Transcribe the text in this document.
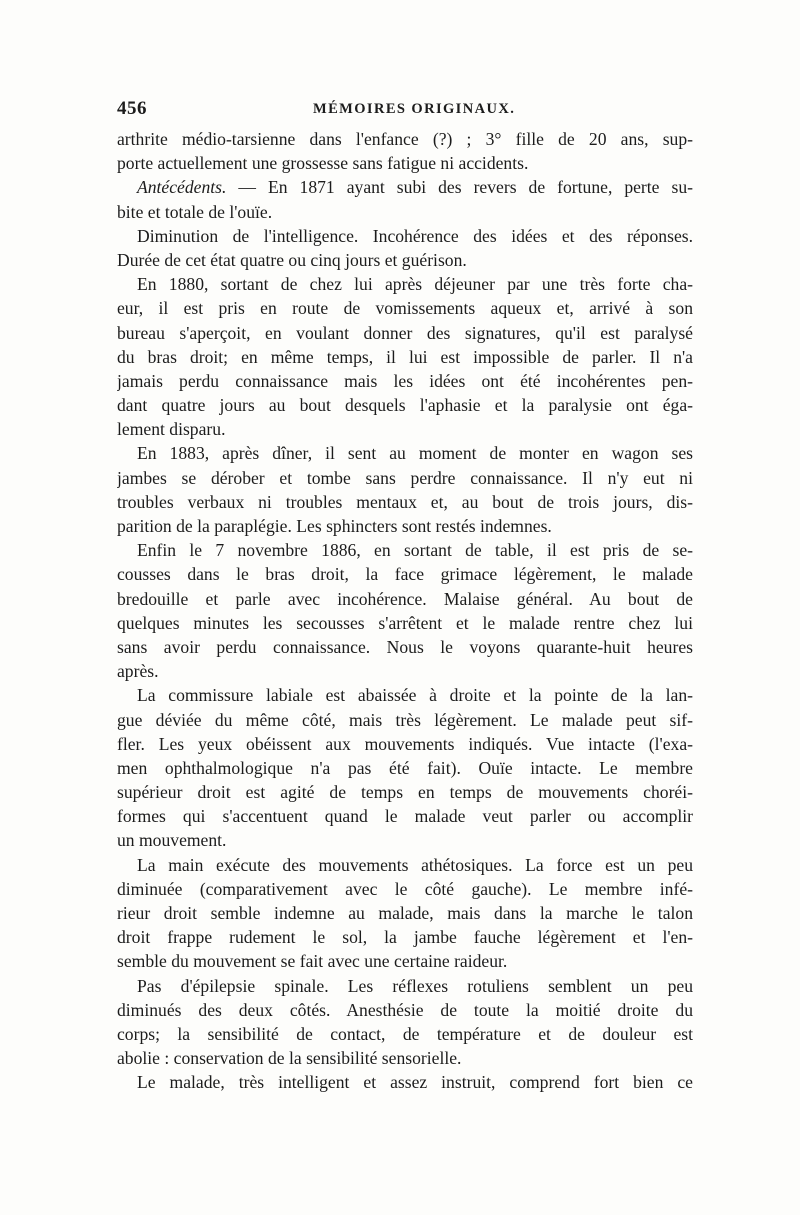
456	MÉMOIRES ORIGINAUX.
arthrite médio-tarsienne dans l'enfance (?) ; 3° fille de 20 ans, sup-
porte actuellement une grossesse sans fatigue ni accidents.
Antécédents. — En 1871 ayant subi des revers de fortune, perte su-
bite et totale de l'ouïe.
Diminution de l'intelligence. Incohérence des idées et des réponses.
Durée de cet état quatre ou cinq jours et guérison.
En 1880, sortant de chez lui après déjeuner par une très forte cha-
eur, il est pris en route de vomissements aqueux et, arrivé à son
bureau s'aperçoit, en voulant donner des signatures, qu'il est paralysé
du bras droit; en même temps, il lui est impossible de parler. Il n'a
jamais perdu connaissance mais les idées ont été incohérentes pen-
dant quatre jours au bout desquels l'aphasie et la paralysie ont éga-
lement disparu.
En 1883, après dîner, il sent au moment de monter en wagon ses
jambes se dérober et tombe sans perdre connaissance. Il n'y eut ni
troubles verbaux ni troubles mentaux et, au bout de trois jours, dis-
parition de la paraplégie. Les sphincters sont restés indemnes.
Enfin le 7 novembre 1886, en sortant de table, il est pris de se-
cousses dans le bras droit, la face grimace légèrement, le malade
bredouille et parle avec incohérence. Malaise général. Au bout de
quelques minutes les secousses s'arrêtent et le malade rentre chez lui
sans avoir perdu connaissance. Nous le voyons quarante-huit heures
après.
La commissure labiale est abaissée à droite et la pointe de la lan-
gue déviée du même côté, mais très légèrement. Le malade peut sif-
fler. Les yeux obéissent aux mouvements indiqués. Vue intacte (l'exa-
men ophthalmologique n'a pas été fait). Ouïe intacte. Le membre
supérieur droit est agité de temps en temps de mouvements choréi-
formes qui s'accentuent quand le malade veut parler ou accomplir
un mouvement.
La main exécute des mouvements athétosiques. La force est un peu
diminuée (comparativement avec le côté gauche). Le membre infé-
rieur droit semble indemne au malade, mais dans la marche le talon
droit frappe rudement le sol, la jambe fauche légèrement et l'en-
semble du mouvement se fait avec une certaine raideur.
Pas d'épilepsie spinale. Les réflexes rotuliens semblent un peu
diminués des deux côtés. Anesthésie de toute la moitié droite du
corps; la sensibilité de contact, de température et de douleur est
abolie : conservation de la sensibilité sensorielle.
Le malade, très intelligent et assez instruit, comprend fort bien ce
